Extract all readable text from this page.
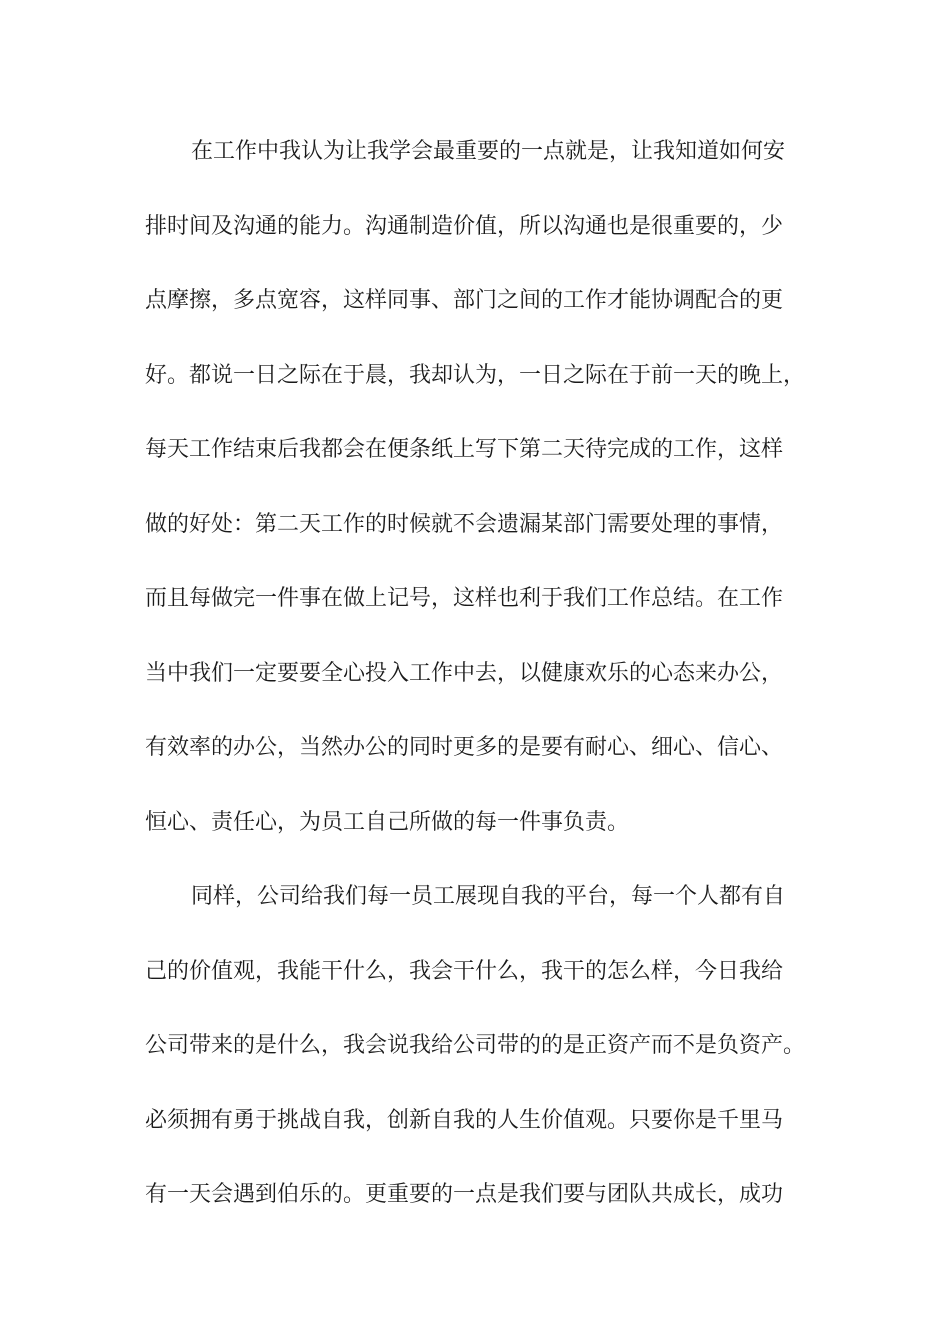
在工作中我认为让我学会最重要的一点就是，让我知道如何安
排时间及沟通的能力。沟通制造价值，所以沟通也是很重要的，少
点摩擦，多点宽容，这样同事、部门之间的工作才能协调配合的更
好。都说一日之际在于晨，我却认为，一日之际在于前一天的晚上，
每天工作结束后我都会在便条纸上写下第二天待完成的工作，这样
做的好处：第二天工作的时候就不会遗漏某部门需要处理的事情，
而且每做完一件事在做上记号，这样也利于我们工作总结。在工作
当中我们一定要要全心投入工作中去，以健康欢乐的心态来办公，
有效率的办公，当然办公的同时更多的是要有耐心、细心、信心、
恒心、责任心，为员工自己所做的每一件事负责。
同样，公司给我们每一员工展现自我的平台，每一个人都有自
己的价值观，我能干什么，我会干什么，我干的怎么样，今日我给
公司带来的是什么，我会说我给公司带的的是正资产而不是负资产。
必须拥有勇于挑战自我，创新自我的人生价值观。只要你是千里马
有一天会遇到伯乐的。更重要的一点是我们要与团队共成长，成功
